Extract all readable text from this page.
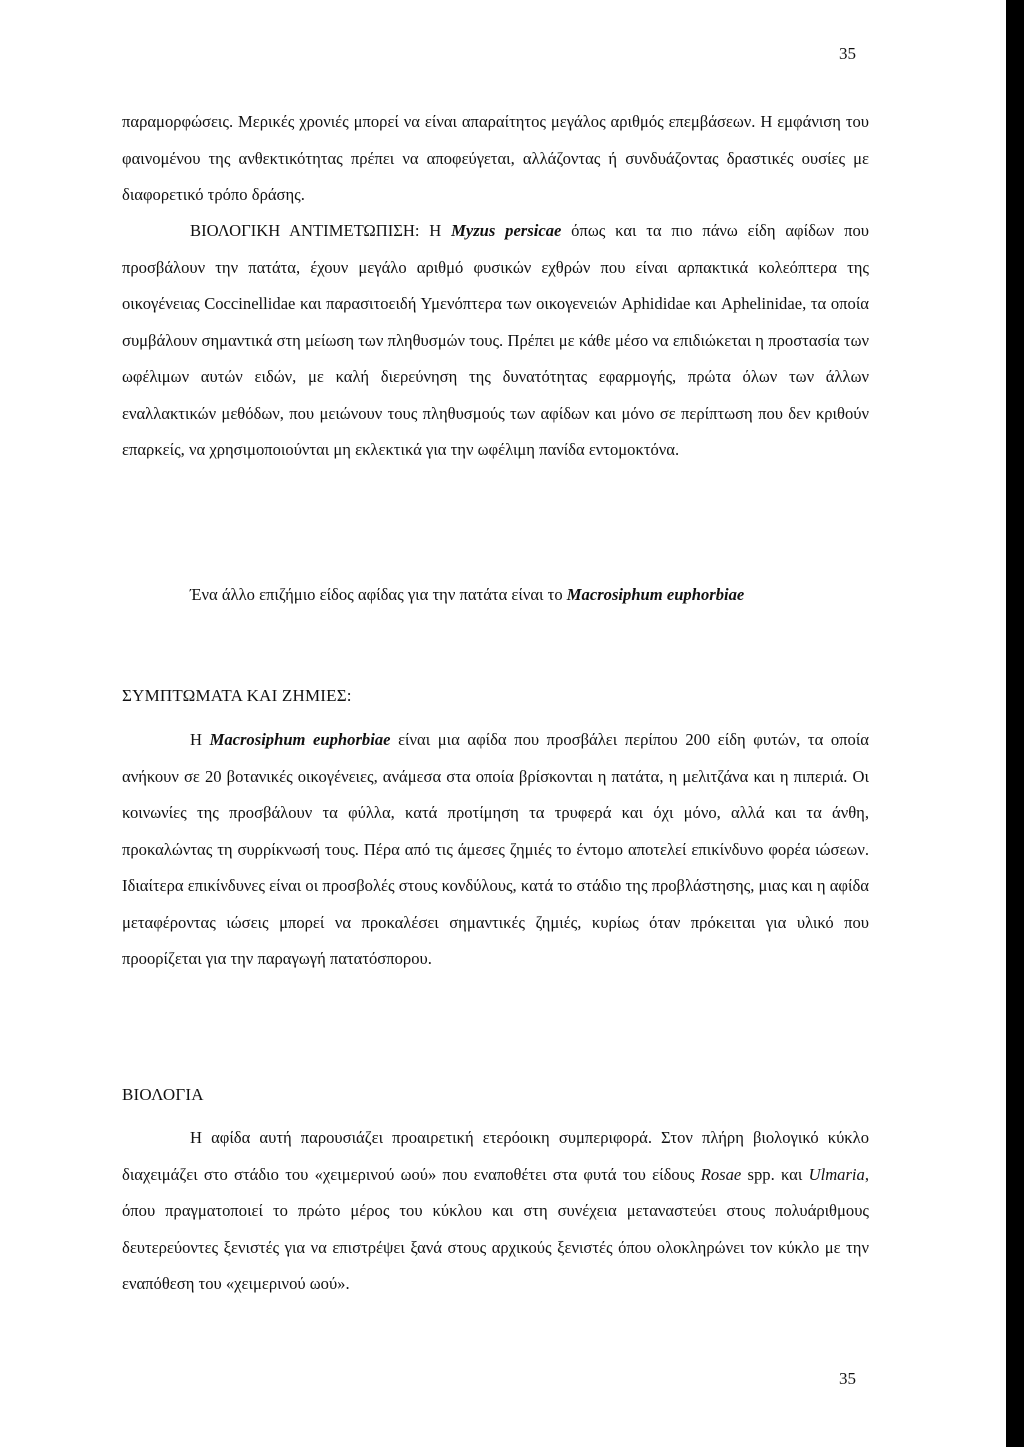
35

παραμορφώσεις. Μερικές χρονιές μπορεί να είναι απαραίτητος μεγάλος αριθμός επεμβάσεων. Η εμφάνιση του φαινομένου της ανθεκτικότητας πρέπει να αποφεύγεται, αλλάζοντας ή συνδυάζοντας δραστικές ουσίες με διαφορετικό τρόπο δράσης.

ΒΙΟΛΟΓΙΚΗ ΑΝΤΙΜΕΤΩΠΙΣΗ: Η Myzus persicae όπως και τα πιο πάνω είδη αφίδων που προσβάλουν την πατάτα, έχουν μεγάλο αριθμό φυσικών εχθρών που είναι αρπακτικά κολεόπτερα της οικογένειας Coccinellidae και παρασιτοειδή Υμενόπτερα των οικογενειών Aphididae και Aphelinidae, τα οποία συμβάλουν σημαντικά στη μείωση των πληθυσμών τους. Πρέπει με κάθε μέσο να επιδιώκεται η προστασία των ωφέλιμων αυτών ειδών, με καλή διερεύνηση της δυνατότητας εφαρμογής, πρώτα όλων των άλλων εναλλακτικών μεθόδων, που μειώνουν τους πληθυσμούς των αφίδων και μόνο σε περίπτωση που δεν κριθούν επαρκείς, να χρησιμοποιούνται μη εκλεκτικά για την ωφέλιμη πανίδα εντομοκτόνα.

Ένα άλλο επιζήμιο είδος αφίδας για την πατάτα είναι το Macrosiphum euphorbiae

ΣΥΜΠΤΩΜΑΤΑ ΚΑΙ ΖΗΜΙΕΣ:

Η Macrosiphum euphorbiae είναι μια αφίδα που προσβάλει περίπου 200 είδη φυτών, τα οποία ανήκουν σε 20 βοτανικές οικογένειες, ανάμεσα στα οποία βρίσκονται η πατάτα, η μελιτζάνα και η πιπεριά. Οι κοινωνίες της προσβάλουν τα φύλλα, κατά προτίμηση τα τρυφερά και όχι μόνο, αλλά και τα άνθη, προκαλώντας τη συρρίκνωσή τους. Πέρα από τις άμεσες ζημιές το έντομο αποτελεί επικίνδυνο φορέα ιώσεων. Ιδιαίτερα επικίνδυνες είναι οι προσβολές στους κονδύλους, κατά το στάδιο της προβλάστησης, μιας και η αφίδα μεταφέροντας ιώσεις μπορεί να προκαλέσει σημαντικές ζημιές, κυρίως όταν πρόκειται για υλικό που προορίζεται για την παραγωγή πατατόσπορου.

ΒΙΟΛΟΓΙΑ

Η αφίδα αυτή παρουσιάζει προαιρετική ετερόοικη συμπεριφορά. Στον πλήρη βιολογικό κύκλο διαχειμάζει στο στάδιο του «χειμερινού ωού» που εναποθέτει στα φυτά του είδους Rosae spp. και Ulmaria, όπου πραγματοποιεί το πρώτο μέρος του κύκλου και στη συνέχεια μεταναστεύει στους πολυάριθμους δευτερεύοντες ξενιστές για να επιστρέψει ξανά στους αρχικούς ξενιστές όπου ολοκληρώνει τον κύκλο με την εναπόθεση του «χειμερινού ωού».

35
